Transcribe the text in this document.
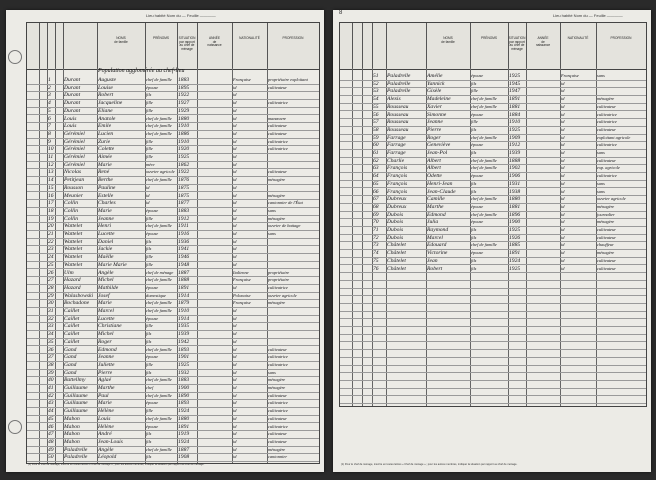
Lieu habité Nom du — Feuille ————
NOMS
de famille
PRÉNOMS	SITUATION
par rapport
au chef de
ménage
ANNÉE
de
naissance
NATIONALITÉ	PROFESSION
1	Durant	Auguste	chef de famille	1883	Française	propriétaire exploitant
2	Durant	Louise	épouse	1895	id	cultivateur
3	Durant	Robert	fils	1922	id
4	Durant	Jacqueline	fille	1927	id	cultivatrice
5	Durant	Eliane	fille	1929	id
6	Louis	Anatole	chef de famille	1880	id	manœuvre
7	Louis	Emile	chef de famille	1910	id	cultivateur
8	Gérémiel	Lucien	chef de famille	1886	id	cultivateur
9	Gérémiel	Zurie	fille	1910	id	cultivatrice
10 Gérémiel	Colette	fille	1920	id	cultivatrice
11 Gérémiel	Aimée	fille	1925	id
12 Gérémiel	Marie	mère	1862	id
13 Nicolas	René	ouvrier agricole 1922	id	cultivateur
14 Petitjean	Berthe	chef de famille	1876	id	ménagère
15 Rousson	Pauline	id	1875	id
16 Meunier	Estelle	id	1875	id	ménagère
17 Collin	Charles	id	1877	id	cantonnier de l'État
18 Collin	Marie	épouse	1883	id	sans
19 Collin	Jeanne	fille	1912	id	ménagère
20 Wattelet	Henri	chef de famille	1911	id	ouvrier de battage
21 Wattelet	Lucette	épouse	1916	id	sans
22 Wattelet	Daniel	fils	1936	id
23 Wattelet	Jackie	fils	1941	id
24 Wattelet	Maëlle	fille	1946	id
25 Wattelet	Marie Marie	fille	1948	id
26 Ulm	Angèle	chef de ménage 1887	Italienne	propriétaire
27 Hazard	Michel	chef de famille	1888	Française	propriétaire
28 Hazard	Mathilde	épouse	1891	id	cultivatrice
29 Walasbowski Josef	domestique	1914	Polonaise	ouvrier agricole
30 Bochadone	Marie	chef de famille	1879	Française	ménagère
31 Caillet	Marcel	chef de famille	1910	id
32 Caillet	Lucette	épouse	1914	id
33 Caillet	Christiane	fille	1935	id
34 Caillet	Michel	fils	1939	id
35 Caillet	Roger	fils	1942	id
36 Gand	Edmond	chef de famille	1893	id	cultivateur
37 Gand	Jeanne	épouse	1901	id	cultivatrice
38 Gand	Juliette	fille	1925	id	cultivatrice
39 Gand	Pierre	fils	1932	id	sans
40 Battellmy	Aglaé	chef de famille	1883	id	ménagère
41 Guillaume	Marthe	chef	1900	id	ménagère
42 Guillaume	Paul	chef de famille	1890	id	cultivateur
43 Guillaume	Marie	épouse	1893	id	cultivatrice
44 Guillaume	Hélène	fille	1924	id	cultivatrice
45 Mabon	Louis	chef de famille	1880	id	cultivateur
46 Mabon	Hélène	épouse	1891	id	cultivatrice
47 Mabon	André	fils	1919	id	cultivateur
48 Mabon	Jean-Louis	fils	1924	id	cultivateur
49 Paladrelle	Angèle	chef de famille	1887	id	ménagère
50 Paladrelle	Léopold	fils	1908	id	cantonnier
Population agglomérée au chef-lieu
(1) Pour le chef de ménage, inscrire en toutes lettres « Chef de ménage » ; pour les autres membres, indiquer la situation par rapport au chef de ménage.
Lieu habité Nom du — Feuille ————
8
NOMS
de famille
PRÉNOMS	SITUATION
par rapport
au chef de
ménage
ANNÉE
de
naissance
NATIONALITÉ	PROFESSION
51	Paladrelle	Amélie	épouse	1925	Française	sans
52	Paladrelle	Yannick	fils	1945	id
53	Paladrelle	Gisèle	fille	1947	id
54	Alexis	Madeleine	chef de famille	1891	id	ménagère
55	Rousseau	Xavier	chef de famille	1881	id	cultivateur
56	Rousseau	Simonne	épouse	1884	id	cultivatrice
57	Rousseau	Jeanne	fille	1910	id	cultivatrice
58	Rousseau	Pierre	fils	1925	id	cultivateur
59	Farrage	Roger	chef de famille	1909	id	exploitant agricole
60	Farrage	Geneviève	épouse	1912	id	cultivatrice
61	Farrage	Jean-Pol	fils	1939	id	sans
62	Charlie	Albert	chef de famille	1888	id	cultivateur
63	François	Albert	chef de famille	1902	id	exp. agricole
64	François	Odette	épouse	1906	id	cultivatrice
65	François	Henri-Jean	fils	1931	id	sans
66	François	Jean-Claude	fils	1938	id	sans
67	Dubreux	Camille	chef de famille	1880	id	ouvrier agricole
68	Dubreux	Marthe	épouse	1881	id	ménagère
69	Dubois	Edmond	chef de famille	1896	id	journalier
70	Dubois	Julia	épouse	1900	id	ménagère
71	Dubois	Raymond	fils	1925	id	cultivateur
72	Dubois	Marcel	fils	1926	id	cultivateur
73	Châtelet	Edouard	chef de famille	1885	id	chauffeur
74	Châtelet	Victorine	épouse	1891	id	ménagère
75	Châtelet	Jean	fils	1924	id	cultivateur
76	Châtelet	Robert	fils	1925	id	cultivateur
(1) Pour le chef de ménage, inscrire en toutes lettres « Chef de ménage » ; pour les autres membres, indiquer la situation par rapport au chef de ménage.
